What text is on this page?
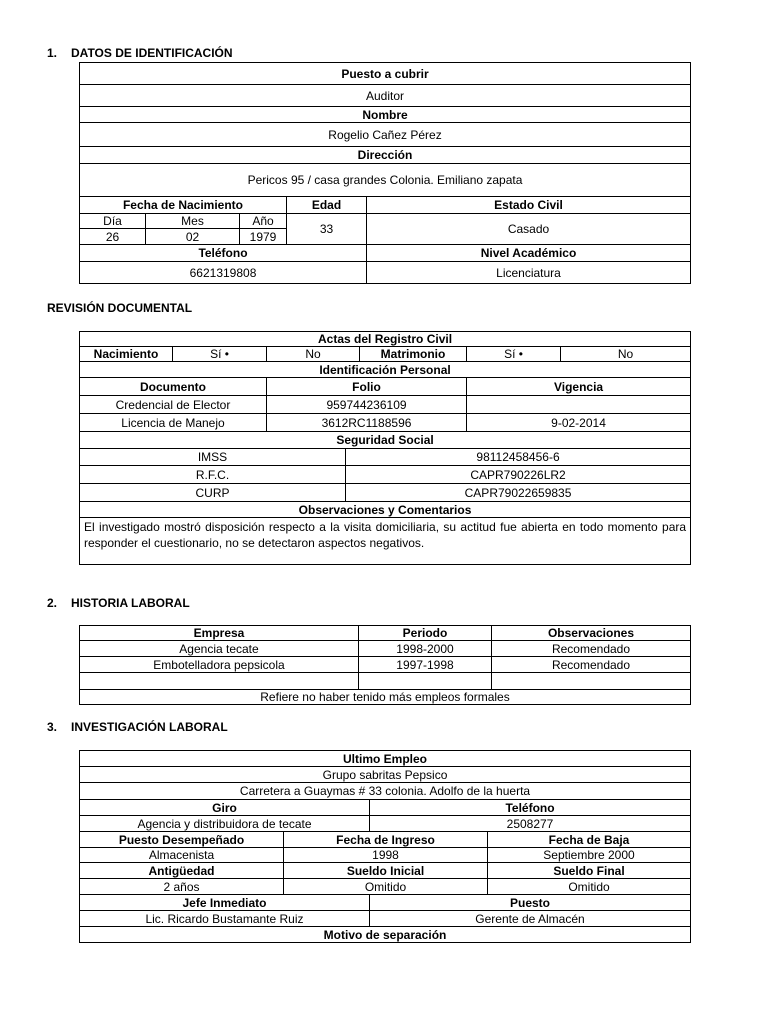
1. DATOS DE IDENTIFICACIÓN
Puesto a cubrir				
Auditor				
Nombre				
Rogelio Cañez Pérez				
Dirección				
Pericos 95 / casa grandes Colonia. Emiliano zapata				
Fecha de Nacimiento			Edad	Estado Civil
Día	Mes	Año	33	Casado
26	02	1979		
Teléfono				Nivel Académico
6621319808				Licenciatura
REVISIÓN DOCUMENTAL
Actas del Registro Civil						
Nacimiento	Sí •	No		Matrimonio	Sí •	No
Identificación Personal						
Documento		Folio			Vigencia	
Credencial de Elector		959744236109				
Licencia de Manejo		3612RC1188596			9-02-2014	
Seguridad Social						
IMSS			98112458456-6			
R.F.C.			CAPR790226LR2			
CURP			CAPR79022659835			
Observaciones y Comentarios						
El investigado mostró disposición respecto a la visita domiciliaria, su actitud fue abierta en todo momento para responder el cuestionario, no se detectaron aspectos negativos.						
2. HISTORIA LABORAL
Empresa	Periodo	Observaciones
Agencia tecate	1998-2000	Recomendado
Embotelladora pepsicola	1997-1998	Recomendado

Refiere no haber tenido más empleos formales		
3. INVESTIGACIÓN LABORAL
Ultimo Empleo			
Grupo sabritas Pepsico			
Carretera a Guaymas # 33 colonia. Adolfo de la huerta			
Giro		Teléfono	
Agencia y distribuidora de tecate		2508277	
Puesto Desempeñado	Fecha de Ingreso		Fecha de Baja
Almacenista	1998		Septiembre 2000
Antigüedad	Sueldo Inicial		Sueldo Final
2 años	Omitido		Omitido
Jefe Inmediato		Puesto	
Lic. Ricardo Bustamante Ruiz		Gerente de Almacén	
Motivo de separación			
